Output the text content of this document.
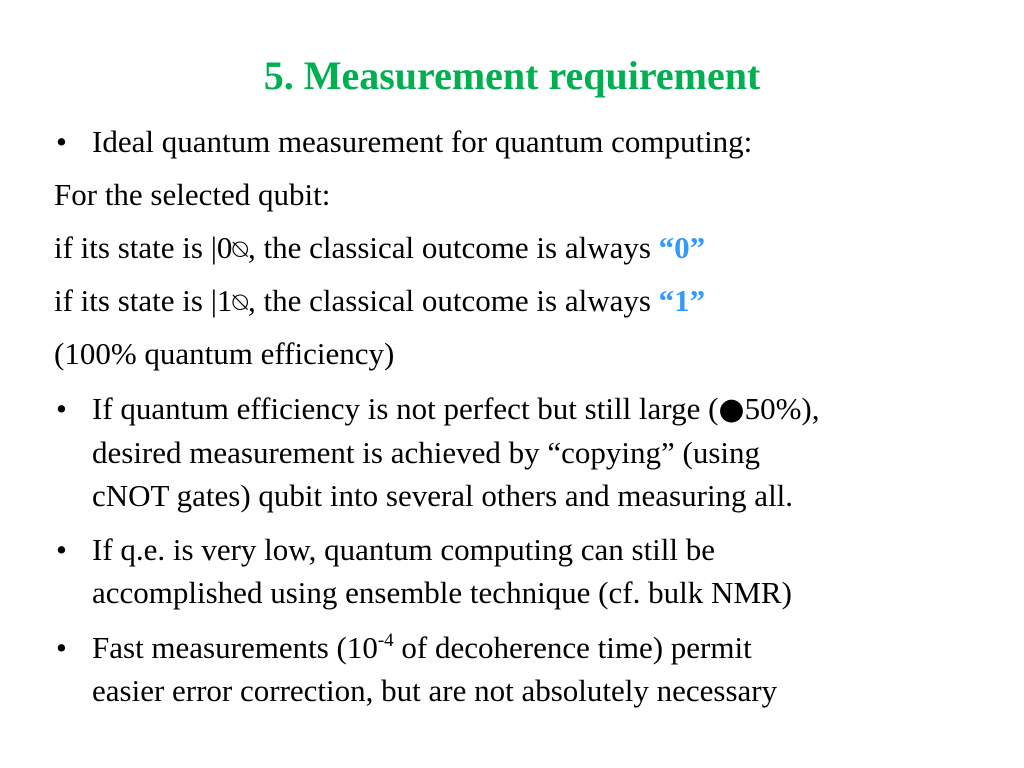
5. Measurement requirement
• Ideal quantum measurement for quantum computing:
For the selected qubit:
if its state is |0⍉, the classical outcome is always “0”
if its state is |1⍉, the classical outcome is always “1”
(100% quantum efficiency)
• If quantum efficiency is not perfect but still large (●50%),
desired measurement is achieved by “copying” (using
cNOT gates) qubit into several others and measuring all.
• If q.e. is very low, quantum computing can still be
accomplished using ensemble technique (cf. bulk NMR)
• Fast measurements ($10^{-4}$ of decoherence time) permit
easier error correction, but are not absolutely necessary
